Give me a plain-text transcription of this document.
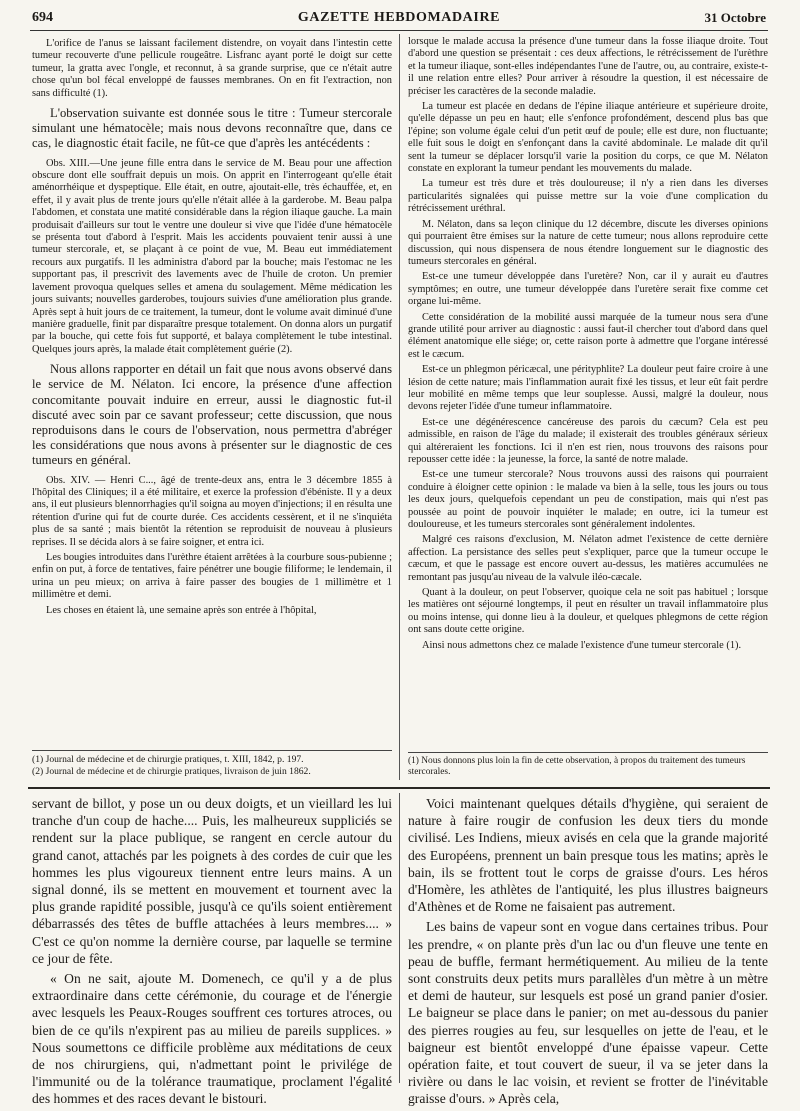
694	GAZETTE HEBDOMADAIRE	31 Octobre

L'orifice de l'anus se laissant facilement distendre, on voyait dans l'intestin cette tumeur recouverte d'une pellicule rougeâtre. Lisfranc ayant porté le doigt sur cette tumeur, la gratta avec l'ongle, et reconnut, à sa grande surprise, que ce n'était autre chose qu'un bol fécal enveloppé de fausses membranes. On en fit l'extraction, non sans difficulté (1).

L'observation suivante est donnée sous le titre : Tumeur stercorale simulant une hématocèle; mais nous devons reconnaître que, dans ce cas, le diagnostic était facile, ne fût-ce que d'après les antécédents :

Obs. XIII.—Une jeune fille entra dans le service de M. Beau pour une affection obscure dont elle souffrait depuis un mois. On apprit en l'interrogeant qu'elle était aménorrhéique et dyspeptique. Elle était, en outre, ajoutait-elle, très échauffée, et, en effet, il y avait plus de trente jours qu'elle n'était allée à la garderobe. M. Beau palpa l'abdomen, et constata une matité considérable dans la région iliaque gauche. La main produisait d'ailleurs sur tout le ventre une douleur si vive que l'idée d'une hématocèle se présenta tout d'abord à l'esprit. Mais les accidents pouvaient tenir aussi à une tumeur stercorale, et, se plaçant à ce point de vue, M. Beau eut immédiatement recours aux purgatifs. Il les administra d'abord par la bouche; mais l'estomac ne les supportant pas, il prescrivit des lavements avec de l'huile de croton. Un premier lavement provoqua quelques selles et amena du soulagement. Même médication les jours suivants; nouvelles garderobes, toujours suivies d'une amélioration plus grande. Après sept à huit jours de ce traitement, la tumeur, dont le volume avait diminué d'une manière graduelle, finit par disparaître presque totalement. On donna alors un purgatif par la bouche, qui cette fois fut supporté, et balaya complètement le tube intestinal. Quelques jours après, la malade était complètement guérie (2).

Nous allons rapporter en détail un fait que nous avons observé dans le service de M. Nélaton. Ici encore, la présence d'une affection concomitante pouvait induire en erreur, aussi le diagnostic fut-il discuté avec soin par ce savant professeur; cette discussion, que nous reproduisons dans le cours de l'observation, nous permettra d'abréger les considérations que nous avons à présenter sur le diagnostic de ces tumeurs en général.

Obs. XIV. — Henri C..., âgé de trente-deux ans, entra le 3 décembre 1855 à l'hôpital des Cliniques; il a été militaire, et exerce la profession d'ébéniste. Il y a deux ans, il eut plusieurs blennorrhagies qu'il soigna au moyen d'injections; il en résulta une rétention d'urine qui fut de courte durée. Ces accidents cessèrent, et il ne s'inquiéta plus de sa santé ; mais bientôt la rétention se reproduisit de nouveau à plusieurs reprises. Il se décida alors à se faire soigner, et entra ici.

Les bougies introduites dans l'urèthre étaient arrêtées à la courbure sous-pubienne ; enfin on put, à force de tentatives, faire pénétrer une bougie filiforme; le lendemain, il urina un peu mieux; on arriva à faire passer des bougies de 1 millimètre et 1 millimètre et demi.

Les choses en étaient là, une semaine après son entrée à l'hôpital,

(1) Journal de médecine et de chirurgie pratiques, t. XIII, 1842, p. 197.
(2) Journal de médecine et de chirurgie pratiques, livraison de juin 1862.

lorsque le malade accusa la présence d'une tumeur dans la fosse iliaque droite. Tout d'abord une question se présentait : ces deux affections, le rétrécissement de l'urèthre et la tumeur iliaque, sont-elles indépendantes l'une de l'autre, ou, au contraire, existe-t-il une relation entre elles? Pour arriver à résoudre la question, il est nécessaire de préciser les caractères de la seconde maladie.

La tumeur est placée en dedans de l'épine iliaque antérieure et supérieure droite, qu'elle dépasse un peu en haut; elle s'enfonce profondément, descend plus bas que l'épine; son volume égale celui d'un petit œuf de poule; elle est dure, non fluctuante; elle fuit sous le doigt en s'enfonçant dans la cavité abdominale. Le malade dit qu'il sent la tumeur se déplacer lorsqu'il varie la position du corps, ce que M. Nélaton constate en explorant la tumeur pendant les mouvements du malade.

La tumeur est très dure et très douloureuse; il n'y a rien dans les diverses particularités signalées qui puisse mettre sur la voie d'une complication du rétrécissement uréthral.

M. Nélaton, dans sa leçon clinique du 12 décembre, discute les diverses opinions qui pourraient être émises sur la nature de cette tumeur; nous allons reproduire cette discussion, qui nous dispensera de nous étendre longuement sur le diagnostic des tumeurs stercorales en général.

Est-ce une tumeur développée dans l'uretère? Non, car il y aurait eu d'autres symptômes; en outre, une tumeur développée dans l'uretère serait fixe comme cet organe lui-même.

Cette considération de la mobilité aussi marquée de la tumeur nous sera d'une grande utilité pour arriver au diagnostic : aussi faut-il chercher tout d'abord dans quel élément anatomique elle siége; or, cette raison porte à admettre que l'organe intéressé est le cæcum.

Est-ce un phlegmon péricæcal, une pérityphlite? La douleur peut faire croire à une lésion de cette nature; mais l'inflammation aurait fixé les tissus, et leur eût fait perdre leur mobilité en même temps que leur souplesse. Aussi, malgré la douleur, nous devons rejeter l'idée d'une tumeur inflammatoire.

Est-ce une dégénérescence cancéreuse des parois du cæcum? Cela est peu admissible, en raison de l'âge du malade; il existerait des troubles généraux sérieux qui altéreraient les fonctions. Ici il n'en est rien, nous trouvons des raisons pour repousser cette idée : la jeunesse, la force, la santé de notre malade.

Est-ce une tumeur stercorale? Nous trouvons aussi des raisons qui pourraient conduire à éloigner cette opinion : le malade va bien à la selle, tous les jours ou tous les deux jours, quelquefois cependant un peu de constipation, mais qui n'est pas poussée au point de pouvoir inquiéter le malade; en outre, ici la tumeur est douloureuse, et les tumeurs stercorales sont généralement indolentes.

Malgré ces raisons d'exclusion, M. Nélaton admet l'existence de cette dernière affection. La persistance des selles peut s'expliquer, parce que la tumeur occupe le cæcum, et que le passage est encore ouvert au-dessus, les matières accumulées ne remontant pas jusqu'au niveau de la valvule iléo-cæcale.

Quant à la douleur, on peut l'observer, quoique cela ne soit pas habituel ; lorsque les matières ont séjourné longtemps, il peut en résulter un travail inflammatoire plus ou moins intense, qui donne lieu à la douleur, et quelques phlegmons de cette région ont sans doute cette origine.

Ainsi nous admettons chez ce malade l'existence d'une tumeur stercorale (1).

(1) Nous donnons plus loin la fin de cette observation, à propos du traitement des tumeurs stercorales.

servant de billot, y pose un ou deux doigts, et un vieillard les lui tranche d'un coup de hache.... Puis, les malheureux suppliciés se rendent sur la place publique, se rangent en cercle autour du grand canot, attachés par les poignets à des cordes de cuir que les hommes les plus vigoureux tiennent entre leurs mains. A un signal donné, ils se mettent en mouvement et tournent avec la plus grande rapidité possible, jusqu'à ce qu'ils soient entièrement débarrassés des têtes de buffle attachées à leurs membres.... » C'est ce qu'on nomme la dernière course, par laquelle se termine ce jour de fête.

« On ne sait, ajoute M. Domenech, ce qu'il y a de plus extraordinaire dans cette cérémonie, du courage et de l'énergie avec lesquels les Peaux-Rouges souffrent ces tortures atroces, ou bien de ce qu'ils n'expirent pas au milieu de pareils supplices. » Nous soumettons ce difficile problème aux méditations de ceux de nos chirurgiens, qui, n'admettant point le privilége de l'immunité ou de la tolérance traumatique, proclament l'égalité des hommes et des races devant le bistouri.

Voici maintenant quelques détails d'hygiène, qui seraient de nature à faire rougir de confusion les deux tiers du monde civilisé. Les Indiens, mieux avisés en cela que la grande majorité des Européens, prennent un bain presque tous les matins; après le bain, ils se frottent tout le corps de graisse d'ours. Les héros d'Homère, les athlètes de l'antiquité, les plus illustres baigneurs d'Athènes et de Rome ne faisaient pas autrement.

Les bains de vapeur sont en vogue dans certaines tribus. Pour les prendre, « on plante près d'un lac ou d'un fleuve une tente en peau de buffle, fermant hermétiquement. Au milieu de la tente sont construits deux petits murs parallèles d'un mètre à un mètre et demi de hauteur, sur lesquels est posé un grand panier d'osier. Le baigneur se place dans le panier; on met au-dessous du panier des pierres rougies au feu, sur lesquelles on jette de l'eau, et le baigneur est bientôt enveloppé d'une épaisse vapeur. Cette opération faite, et tout couvert de sueur, il va se jeter dans la rivière ou dans le lac voisin, et revient se frotter de l'inévitable graisse d'ours. » Après cela,
